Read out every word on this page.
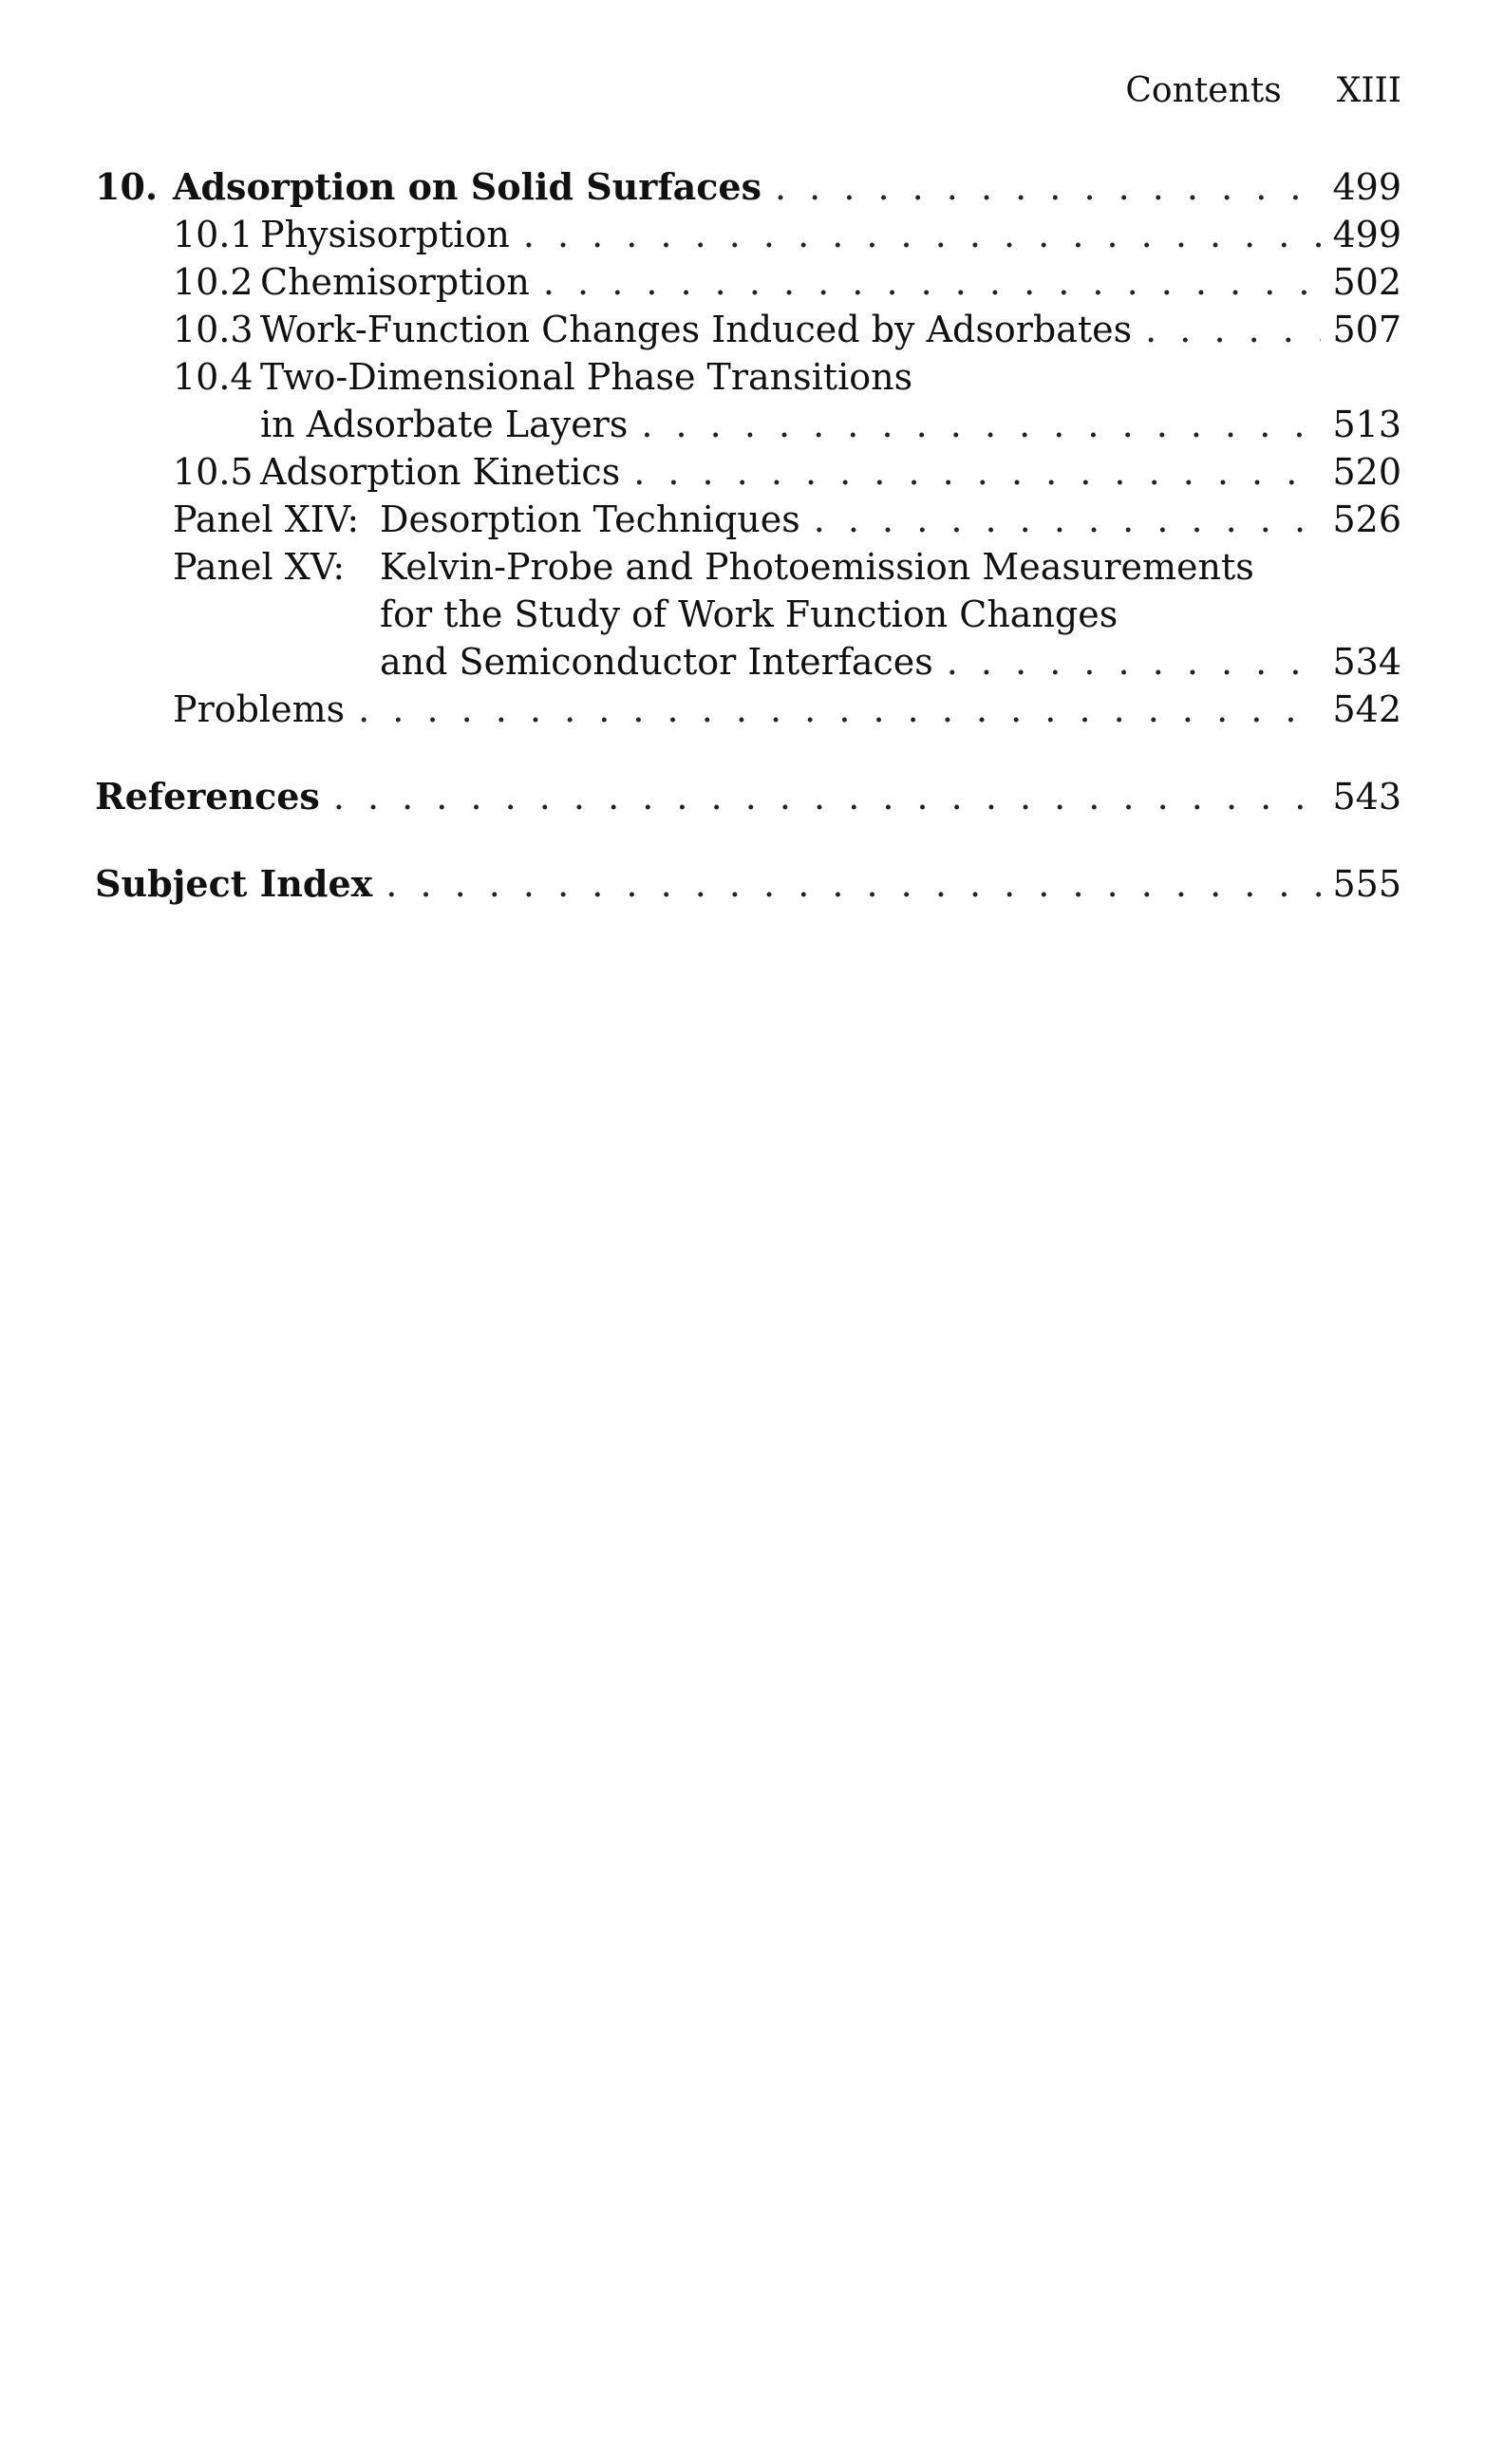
Contents XIII
10. Adsorption on Solid Surfaces . . .	499
10.1 Physisorption . . .	499
10.2 Chemisorption . . .	502
10.3 Work-Function Changes Induced by Adsorbates . . .	507
10.4 Two-Dimensional Phase Transitions
in Adsorbate Layers . . .	513
10.5 Adsorption Kinetics . . .	520
Panel XIV: Desorption Techniques . . .	526
Panel XV: Kelvin-Probe and Photoemission Measurements
for the Study of Work Function Changes
and Semiconductor Interfaces . . .	534
Problems . . .	542
References . . .	543
Subject Index . . .	555
